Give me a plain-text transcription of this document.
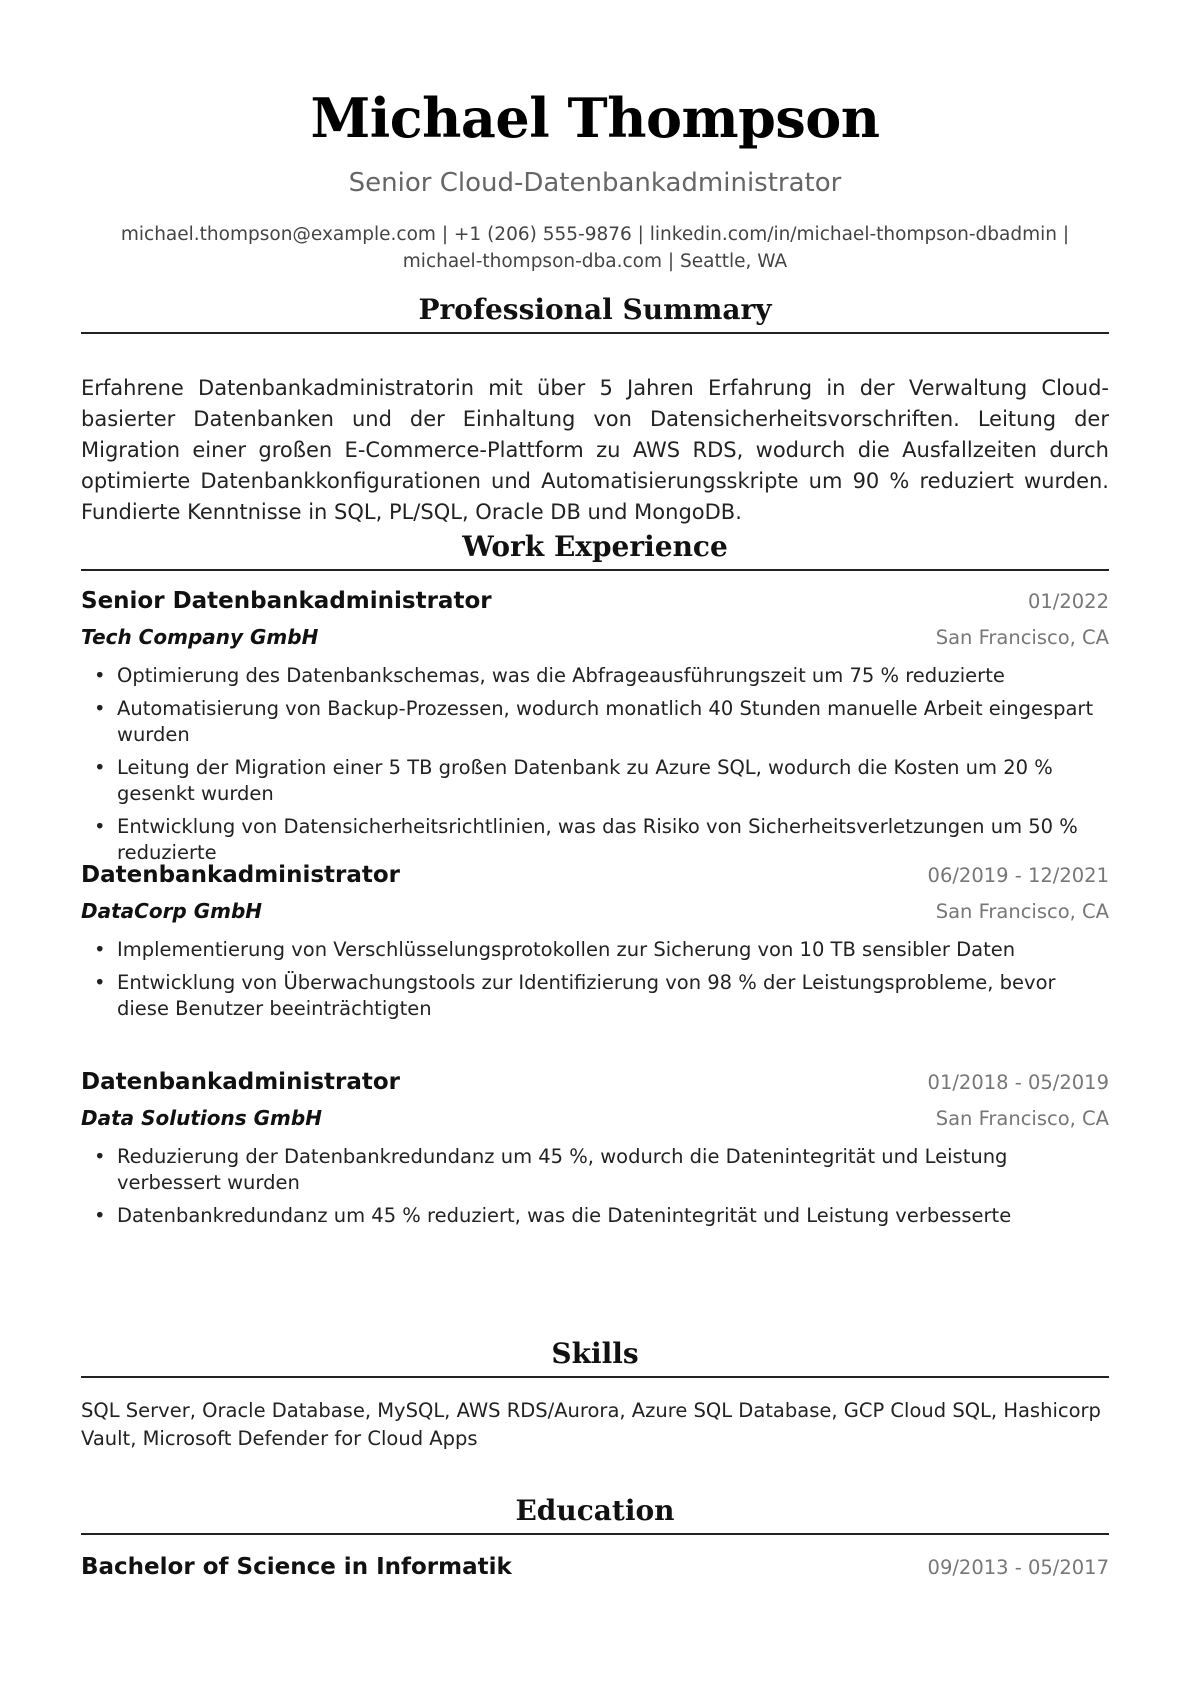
Michael Thompson
Senior Cloud-Datenbankadministrator
michael.thompson@example.com | +1 (206) 555-9876 | linkedin.com/in/michael-thompson-dbadmin |
michael-thompson-dba.com | Seattle, WA
Professional Summary
Erfahrene Datenbankadministratorin mit über 5 Jahren Erfahrung in der Verwaltung Cloud-basierter Datenbanken und der Einhaltung von Datensicherheitsvorschriften. Leitung der Migration einer großen E-Commerce-Plattform zu AWS RDS, wodurch die Ausfallzeiten durch optimierte Datenbankkonfigurationen und Automatisierungsskripte um 90 % reduziert wurden. Fundierte Kenntnisse in SQL, PL/SQL, Oracle DB und MongoDB.
Work Experience
Senior Datenbankadministrator	01/2022
Tech Company GmbH	San Francisco, CA
• Optimierung des Datenbankschemas, was die Abfrageausführungszeit um 75 % reduzierte
• Automatisierung von Backup-Prozessen, wodurch monatlich 40 Stunden manuelle Arbeit eingespart wurden
• Leitung der Migration einer 5 TB großen Datenbank zu Azure SQL, wodurch die Kosten um 20 % gesenkt wurden
• Entwicklung von Datensicherheitsrichtlinien, was das Risiko von Sicherheitsverletzungen um 50 % reduzierte
Datenbankadministrator	06/2019 - 12/2021
DataCorp GmbH	San Francisco, CA
• Implementierung von Verschlüsselungsprotokollen zur Sicherung von 10 TB sensibler Daten
• Entwicklung von Überwachungstools zur Identifizierung von 98 % der Leistungsprobleme, bevor diese Benutzer beeinträchtigten
Datenbankadministrator	01/2018 - 05/2019
Data Solutions GmbH	San Francisco, CA
• Reduzierung der Datenbankredundanz um 45 %, wodurch die Datenintegrität und Leistung verbessert wurden
• Datenbankredundanz um 45 % reduziert, was die Datenintegrität und Leistung verbesserte
Skills
SQL Server, Oracle Database, MySQL, AWS RDS/Aurora, Azure SQL Database, GCP Cloud SQL, Hashicorp Vault, Microsoft Defender for Cloud Apps
Education
Bachelor of Science in Informatik	09/2013 - 05/2017
